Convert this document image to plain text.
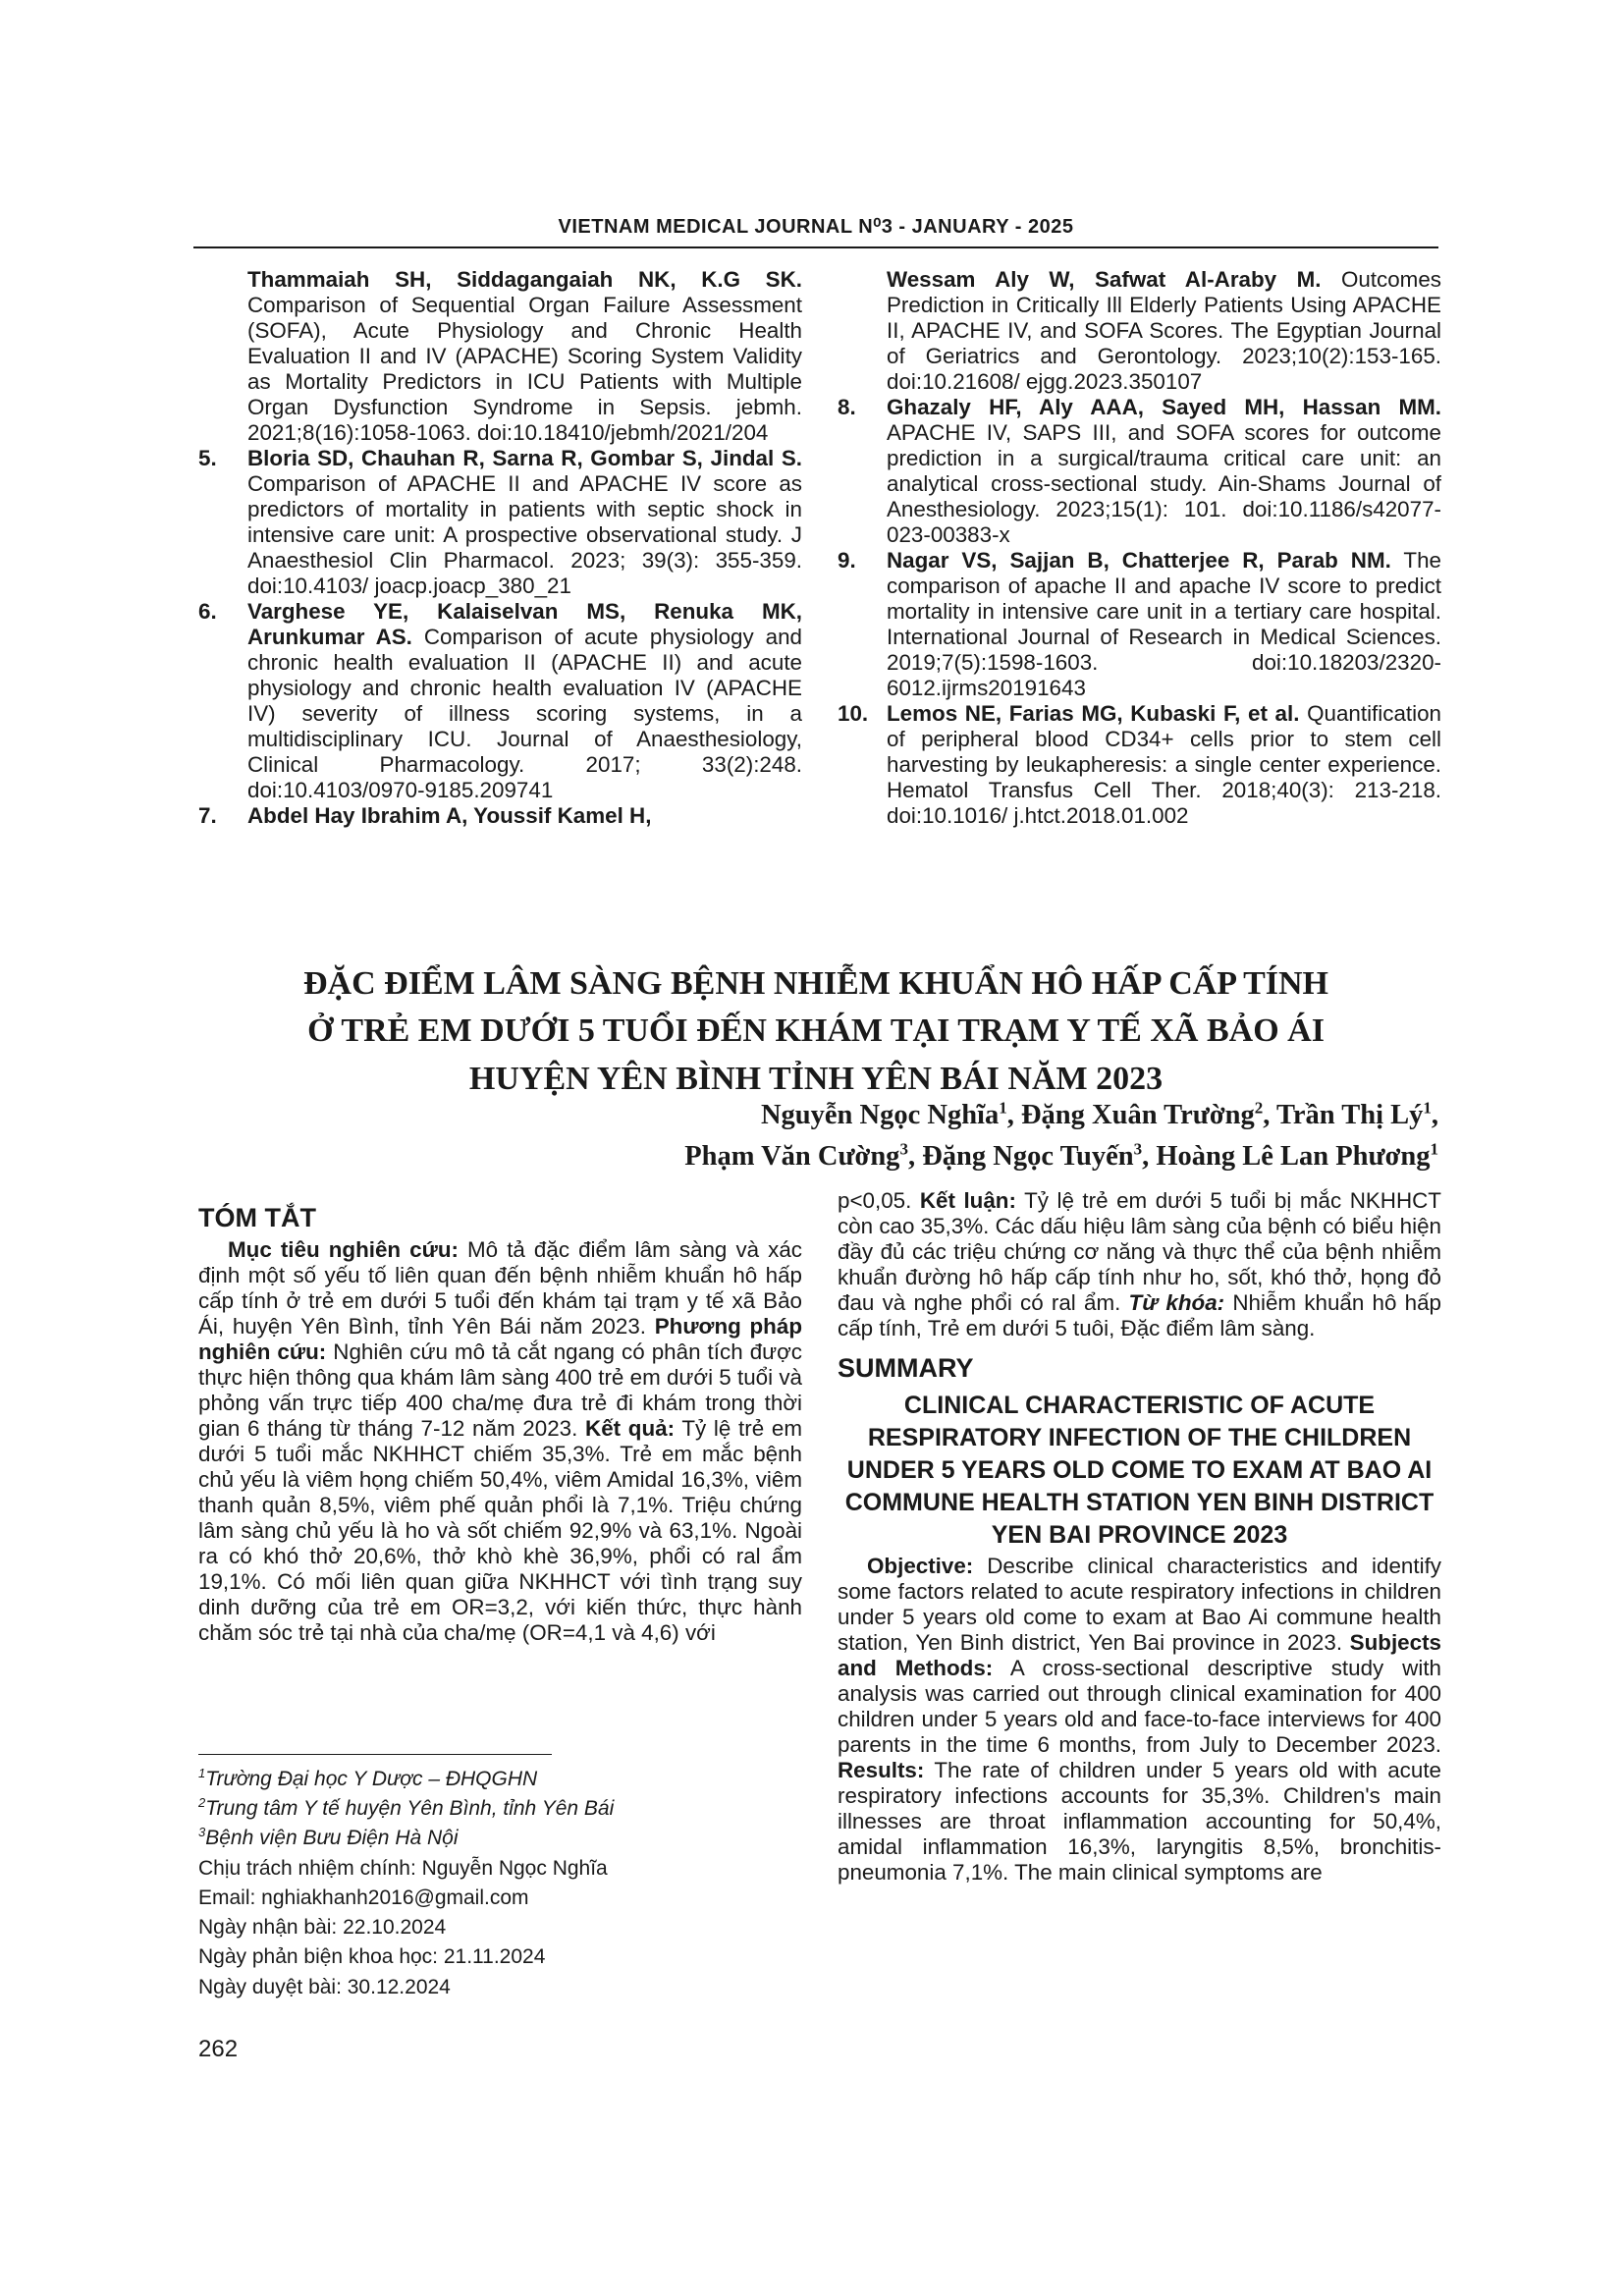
VIETNAM MEDICAL JOURNAL N⁰3 - JANUARY - 2025
Thammaiah SH, Siddagangaiah NK, K.G SK. Comparison of Sequential Organ Failure Assessment (SOFA), Acute Physiology and Chronic Health Evaluation II and IV (APACHE) Scoring System Validity as Mortality Predictors in ICU Patients with Multiple Organ Dysfunction Syndrome in Sepsis. jebmh. 2021;8(16):1058-1063. doi:10.18410/jebmh/2021/204
5. Bloria SD, Chauhan R, Sarna R, Gombar S, Jindal S. Comparison of APACHE II and APACHE IV score as predictors of mortality in patients with septic shock in intensive care unit: A prospective observational study. J Anaesthesiol Clin Pharmacol. 2023; 39(3): 355-359. doi:10.4103/ joacp.joacp_380_21
6. Varghese YE, Kalaiselvan MS, Renuka MK, Arunkumar AS. Comparison of acute physiology and chronic health evaluation II (APACHE II) and acute physiology and chronic health evaluation IV (APACHE IV) severity of illness scoring systems, in a multidisciplinary ICU. Journal of Anaesthesiology, Clinical Pharmacology. 2017; 33(2):248. doi:10.4103/0970-9185.209741
7. Abdel Hay Ibrahim A, Youssif Kamel H,
Wessam Aly W, Safwat Al-Araby M. Outcomes Prediction in Critically Ill Elderly Patients Using APACHE II, APACHE IV, and SOFA Scores. The Egyptian Journal of Geriatrics and Gerontology. 2023;10(2):153-165. doi:10.21608/ ejgg.2023.350107
8. Ghazaly HF, Aly AAA, Sayed MH, Hassan MM. APACHE IV, SAPS III, and SOFA scores for outcome prediction in a surgical/trauma critical care unit: an analytical cross-sectional study. Ain-Shams Journal of Anesthesiology. 2023;15(1): 101. doi:10.1186/s42077-023-00383-x
9. Nagar VS, Sajjan B, Chatterjee R, Parab NM. The comparison of apache II and apache IV score to predict mortality in intensive care unit in a tertiary care hospital. International Journal of Research in Medical Sciences. 2019;7(5):1598-1603. doi:10.18203/2320-6012.ijrms20191643
10. Lemos NE, Farias MG, Kubaski F, et al. Quantification of peripheral blood CD34+ cells prior to stem cell harvesting by leukapheresis: a single center experience. Hematol Transfus Cell Ther. 2018;40(3): 213-218. doi:10.1016/ j.htct.2018.01.002
ĐẶC ĐIỂM LÂM SÀNG BỆNH NHIỄM KHUẨN HÔ HẤP CẤP TÍNH
Ở TRẺ EM DƯỚI 5 TUỔI ĐẾN KHÁM TẠI TRẠM Y TẾ XÃ BẢO ÁI
HUYỆN YÊN BÌNH TỈNH YÊN BÁI NĂM 2023
Nguyễn Ngọc Nghĩa$^1$, Đặng Xuân Trường$^2$, Trần Thị $Lý^1$,
Phạm Văn Cường$^3$, Đặng Ngọc Tuyến$^3$, Hoàng Lê Lan Phương$^1$
TÓM TẮT

Mục tiêu nghiên cứu: Mô tả đặc điểm lâm sàng và xác định một số yếu tố liên quan đến bệnh nhiễm khuẩn hô hấp cấp tính ở trẻ em dưới 5 tuổi đến khám tại trạm y tế xã Bảo Ái, huyện Yên Bình, tỉnh Yên Bái năm 2023. Phương pháp nghiên cứu: Nghiên cứu mô tả cắt ngang có phân tích được thực hiện thông qua khám lâm sàng 400 trẻ em dưới 5 tuổi và phỏng vấn trực tiếp 400 cha/mẹ đưa trẻ đi khám trong thời gian 6 tháng từ tháng 7-12 năm 2023. Kết quả: Tỷ lệ trẻ em dưới 5 tuổi mắc NKHHCT chiếm 35,3%. Trẻ em mắc bệnh chủ yếu là viêm họng chiếm 50,4%, viêm Amidal 16,3%, viêm thanh quản 8,5%, viêm phế quản phổi là 7,1%. Triệu chứng lâm sàng chủ yếu là ho và sốt chiếm 92,9% và 63,1%. Ngoài ra có khó thở 20,6%, thở khò khè 36,9%, phổi có ral ẩm 19,1%. Có mối liên quan giữa NKHHCT với tình trạng suy dinh dưỡng của trẻ em OR=3,2, với kiến thức, thực hành chăm sóc trẻ tại nhà của cha/mẹ (OR=4,1 và 4,6) với

p<0,05. Kết luận: Tỷ lệ trẻ em dưới 5 tuổi bị mắc NKHHCT còn cao 35,3%. Các dấu hiệu lâm sàng của bệnh có biểu hiện đầy đủ các triệu chứng cơ năng và thực thể của bệnh nhiễm khuẩn đường hô hấp cấp tính như ho, sốt, khó thở, họng đỏ đau và nghe phổi có ral ẩm. Từ khóa: Nhiễm khuẩn hô hấp cấp tính, Trẻ em dưới 5 tuôi, Đặc điểm lâm sàng.

SUMMARY
CLINICAL CHARACTERISTIC OF ACUTE RESPIRATORY INFECTION OF THE CHILDREN UNDER 5 YEARS OLD COME TO EXAM AT BAO AI COMMUNE HEALTH STATION YEN BINH DISTRICT YEN BAI PROVINCE 2023

Objective: Describe clinical characteristics and identify some factors related to acute respiratory infections in children under 5 years old come to exam at Bao Ai commune health station, Yen Binh district, Yen Bai province in 2023. Subjects and Methods: A cross-sectional descriptive study with analysis was carried out through clinical examination for 400 children under 5 years old and face-to-face interviews for 400 parents in the time 6 months, from July to December 2023. Results: The rate of children under 5 years old with acute respiratory infections accounts for 35,3%. Children's main illnesses are throat inflammation accounting for 50,4%, amidal inflammation 16,3%, laryngitis 8,5%, bronchitis-pneumonia 7,1%. The main clinical symptoms are

$^1$Trường Đại học Y Dược – ĐHQGHN

$^2$Trung tâm Y tế huyện Yên Bình, tỉnh Yên Bái

$^3$Bệnh viện Bưu Điện Hà Nội

Chịu trách nhiệm chính: Nguyễn Ngọc Nghĩa

Email: nghiakhanh2016@gmail.com

Ngày nhận bài: 22.10.2024

Ngày phản biện khoa học: 21.11.2024

Ngày duyệt bài: 30.12.2024

262
